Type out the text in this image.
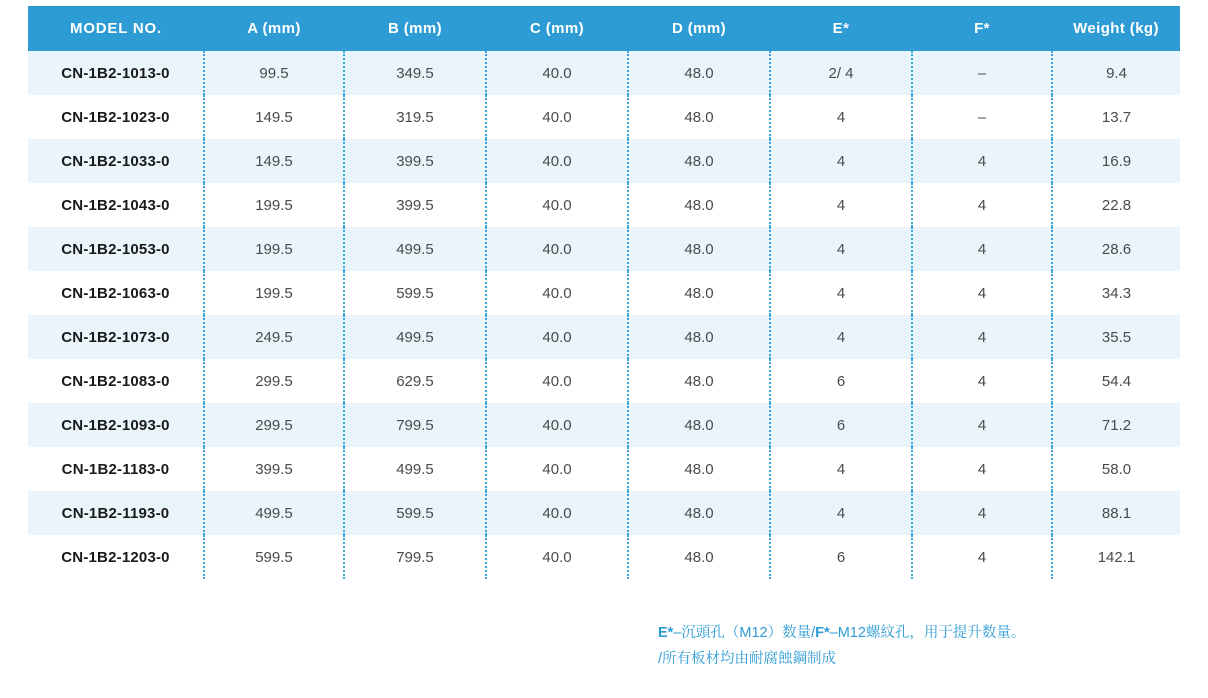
MODEL NO.	A (mm)	B (mm)	C (mm)	D (mm)	E*	F*	Weight (kg)
CN-1B2-1013-0	99.5	349.5	40.0	48.0	2/ 4	–	9.4
CN-1B2-1023-0	149.5	319.5	40.0	48.0	4	–	13.7
CN-1B2-1033-0	149.5	399.5	40.0	48.0	4	4	16.9
CN-1B2-1043-0	199.5	399.5	40.0	48.0	4	4	22.8
CN-1B2-1053-0	199.5	499.5	40.0	48.0	4	4	28.6
CN-1B2-1063-0	199.5	599.5	40.0	48.0	4	4	34.3
CN-1B2-1073-0	249.5	499.5	40.0	48.0	4	4	35.5
CN-1B2-1083-0	299.5	629.5	40.0	48.0	6	4	54.4
CN-1B2-1093-0	299.5	799.5	40.0	48.0	6	4	71.2
CN-1B2-1183-0	399.5	499.5	40.0	48.0	4	4	58.0
CN-1B2-1193-0	499.5	599.5	40.0	48.0	4	4	88.1
CN-1B2-1203-0	599.5	799.5	40.0	48.0	6	4	142.1
E*–沉頭孔（M12）数量/F*–M12螺紋孔，用于提升数量。
/所有板材均由耐腐蝕鋼制成
